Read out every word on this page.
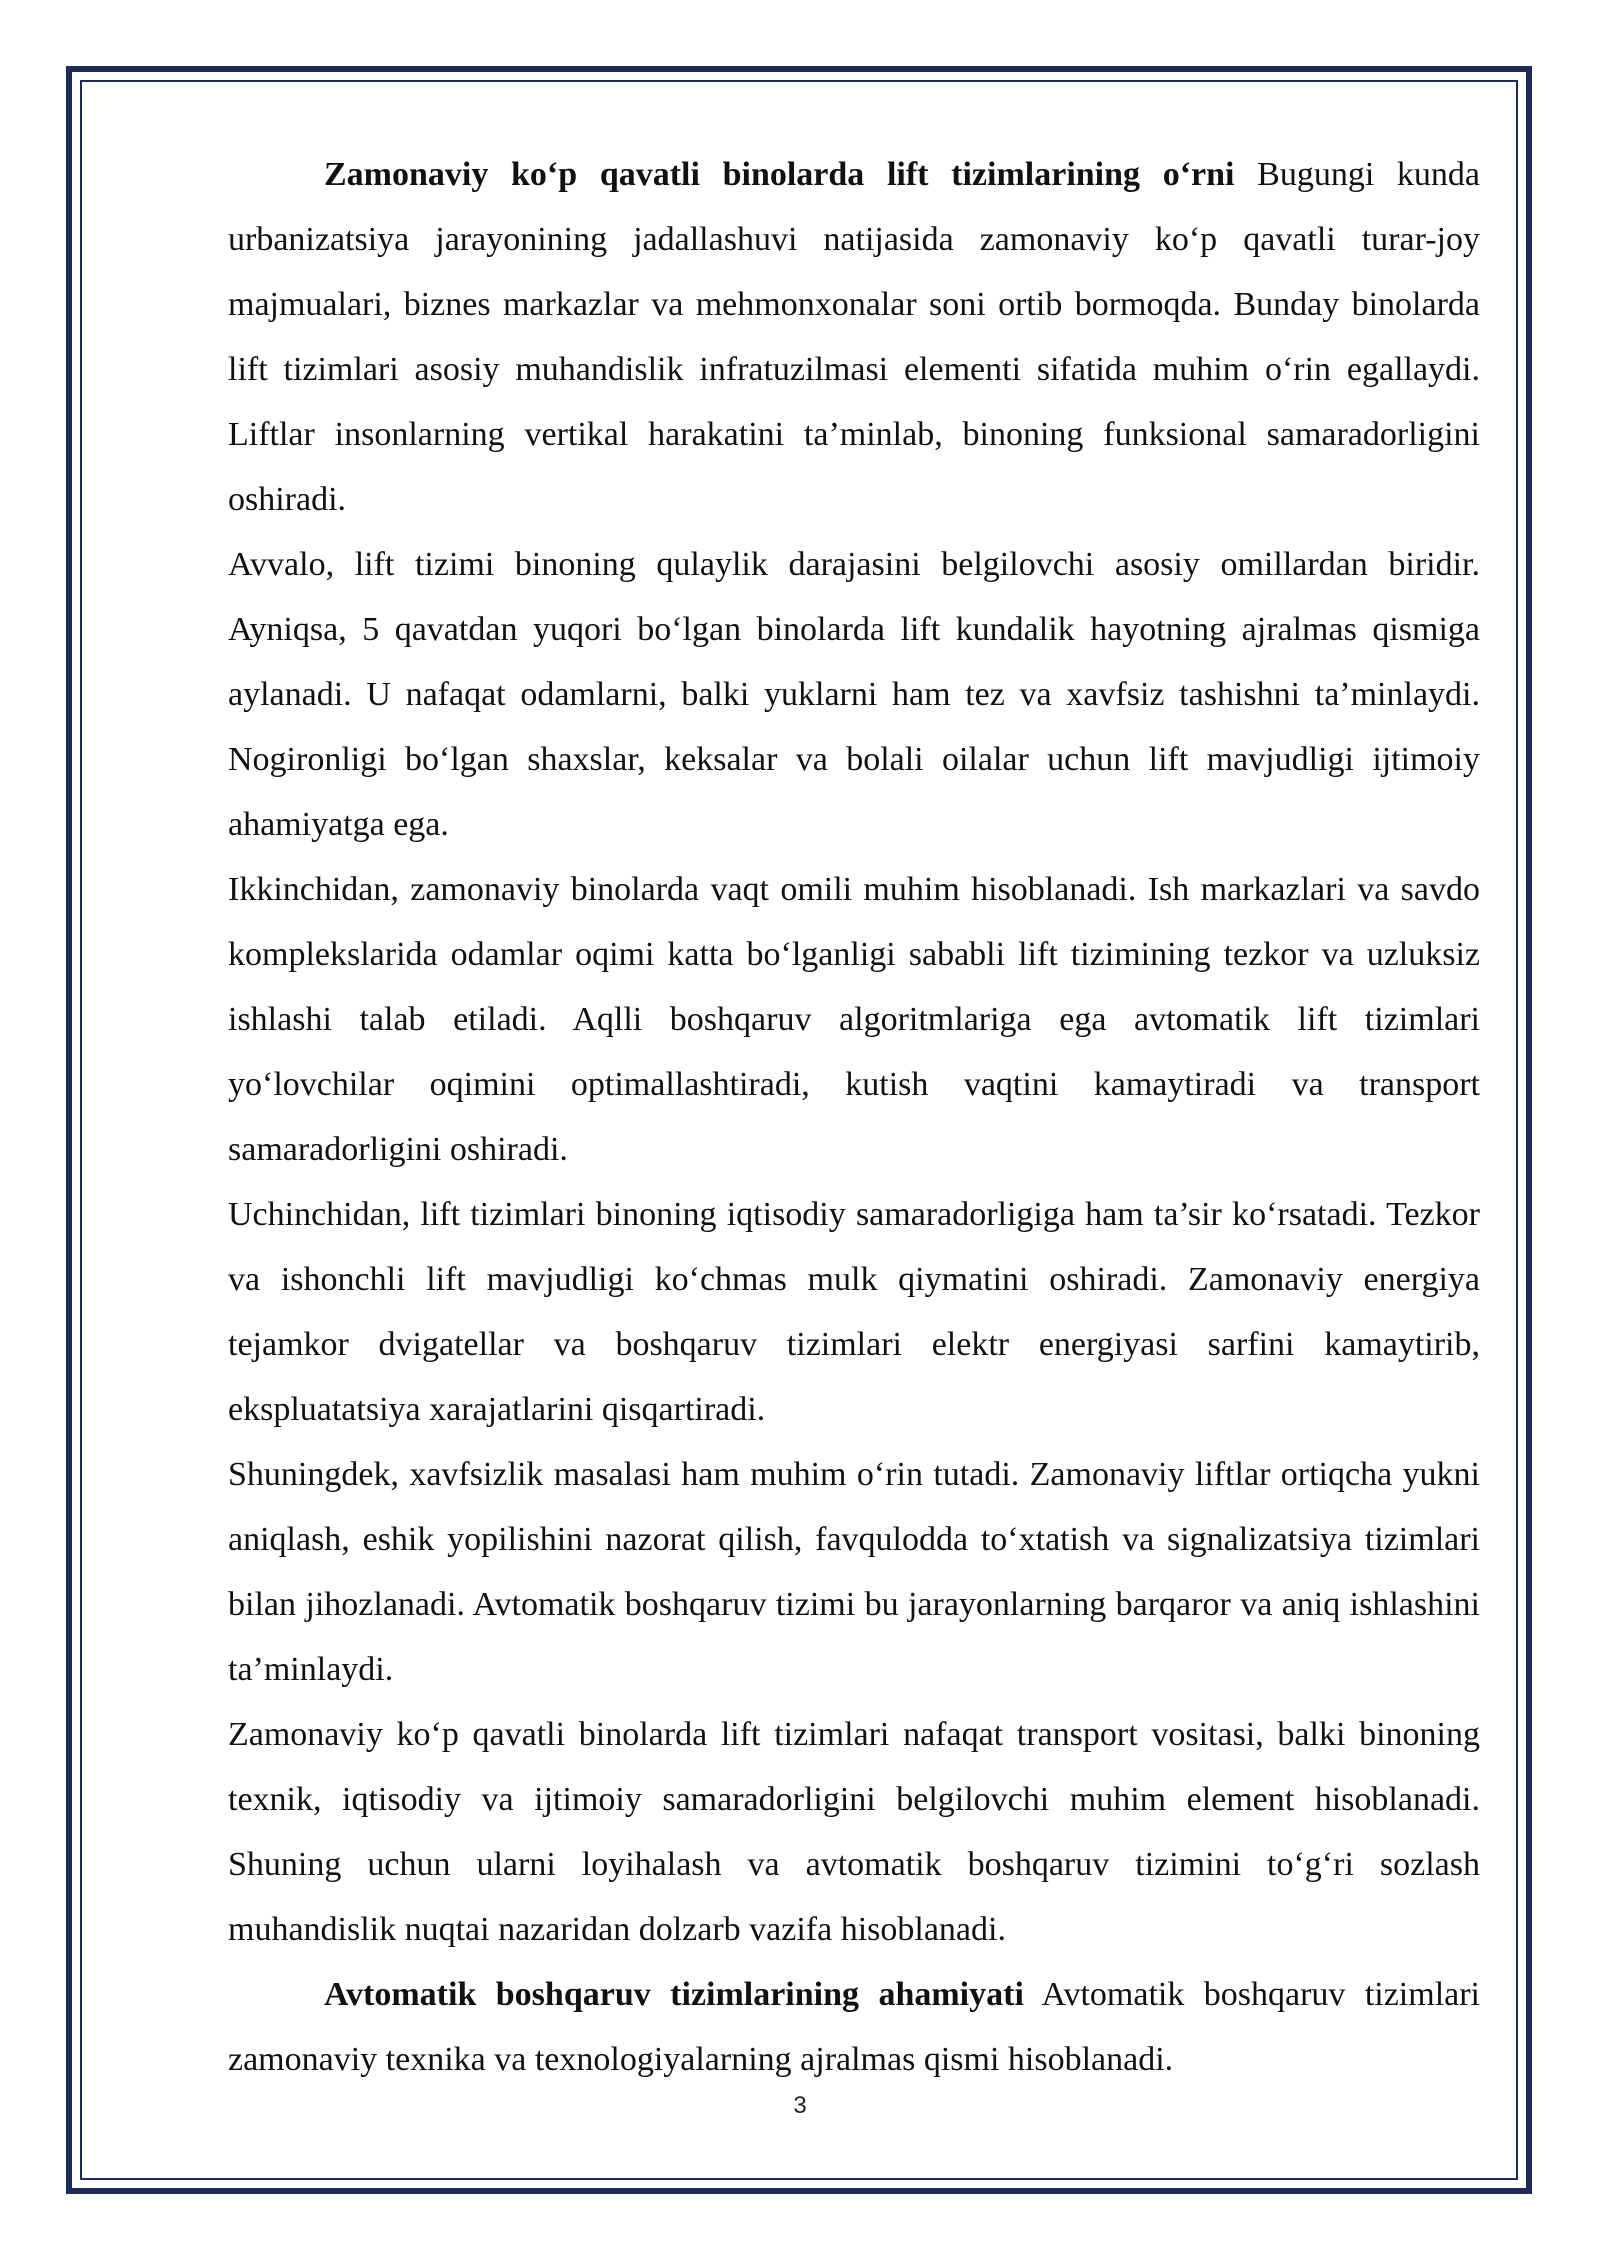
Zamonaviy ko‘p qavatli binolarda lift tizimlarining o‘rni Bugungi kunda urbanizatsiya jarayonining jadallashuvi natijasida zamonaviy ko‘p qavatli turar-joy majmualari, biznes markazlar va mehmonxonalar soni ortib bormoqda. Bunday binolarda lift tizimlari asosiy muhandislik infratuzilmasi elementi sifatida muhim o‘rin egallaydi. Liftlar insonlarning vertikal harakatini ta’minlab, binoning funksional samaradorligini oshiradi.

Avvalo, lift tizimi binoning qulaylik darajasini belgilovchi asosiy omillardan biridir. Ayniqsa, 5 qavatdan yuqori bo‘lgan binolarda lift kundalik hayotning ajralmas qismiga aylanadi. U nafaqat odamlarni, balki yuklarni ham tez va xavfsiz tashishni ta’minlaydi. Nogironligi bo‘lgan shaxslar, keksalar va bolali oilalar uchun lift mavjudligi ijtimoiy ahamiyatga ega.

Ikkinchidan, zamonaviy binolarda vaqt omili muhim hisoblanadi. Ish markazlari va savdo komplekslarida odamlar oqimi katta bo‘lganligi sababli lift tizimining tezkor va uzluksiz ishlashi talab etiladi. Aqlli boshqaruv algoritmlariga ega avtomatik lift tizimlari yo‘lovchilar oqimini optimallashtiradi, kutish vaqtini kamaytiradi va transport samaradorligini oshiradi.

Uchinchidan, lift tizimlari binoning iqtisodiy samaradorligiga ham ta’sir ko‘rsatadi. Tezkor va ishonchli lift mavjudligi ko‘chmas mulk qiymatini oshiradi. Zamonaviy energiya tejamkor dvigatellar va boshqaruv tizimlari elektr energiyasi sarfini kamaytirib, ekspluatatsiya xarajatlarini qisqartiradi.

Shuningdek, xavfsizlik masalasi ham muhim o‘rin tutadi. Zamonaviy liftlar ortiqcha yukni aniqlash, eshik yopilishini nazorat qilish, favqulodda to‘xtatish va signalizatsiya tizimlari bilan jihozlanadi. Avtomatik boshqaruv tizimi bu jarayonlarning barqaror va aniq ishlashini ta’minlaydi.

Zamonaviy ko‘p qavatli binolarda lift tizimlari nafaqat transport vositasi, balki binoning texnik, iqtisodiy va ijtimoiy samaradorligini belgilovchi muhim element hisoblanadi. Shuning uchun ularni loyihalash va avtomatik boshqaruv tizimini to‘g‘ri sozlash muhandislik nuqtai nazaridan dolzarb vazifa hisoblanadi.

Avtomatik boshqaruv tizimlarining ahamiyati Avtomatik boshqaruv tizimlari zamonaviy texnika va texnologiyalarning ajralmas qismi hisoblanadi.

3
